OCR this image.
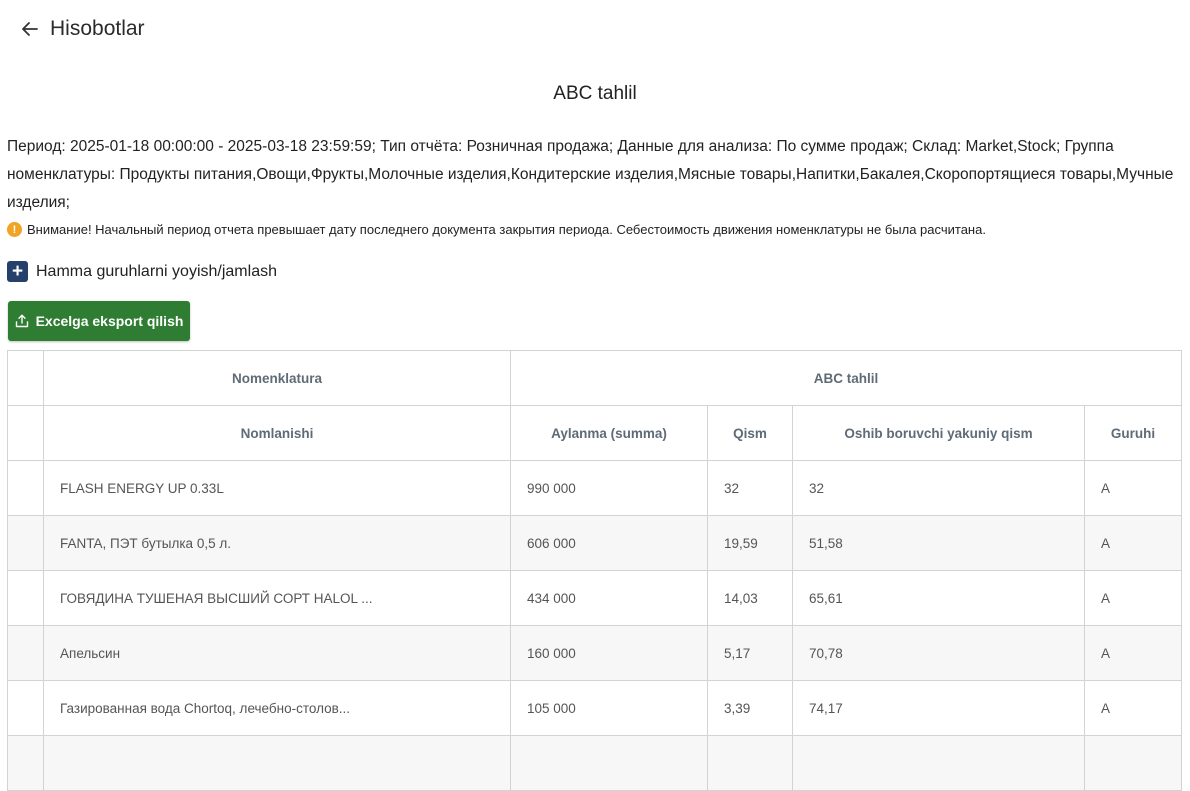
Hisobotlar
ABC tahlil
Период: 2025-01-18 00:00:00 - 2025-03-18 23:59:59; Тип отчёта: Розничная продажа; Данные для анализа: По сумме продаж; Склад: Market,Stock; Группа номенклатуры: Продукты питания,Овощи,Фрукты,Молочные изделия,Кондитерские изделия,Мясные товары,Напитки,Бакалея,Скоропортящиеся товары,Мучные изделия;
! Внимание! Начальный период отчета превышает дату последнего документа закрытия периода. Себестоимость движения номенклатуры не была расчитана.
+ Hamma guruhlarni yoyish/jamlash
Excelga eksport qilish
	Nomenklatura	ABC tahlil			
	Nomlanishi	Aylanma (summa)	Qism	Oshib boruvchi yakuniy qism	Guruhi
	FLASH ENERGY UP 0.33L	990 000	32	32	A
	FANTA, ПЭТ бутылка 0,5 л.	606 000	19,59	51,58	A
	ГОВЯДИНА ТУШЕНАЯ ВЫСШИЙ СОРТ HALOL ...	434 000	14,03	65,61	A
	Апельсин	160 000	5,17	70,78	A
	Газированная вода Chortoq, лечебно-столов...	105 000	3,39	74,17	A
